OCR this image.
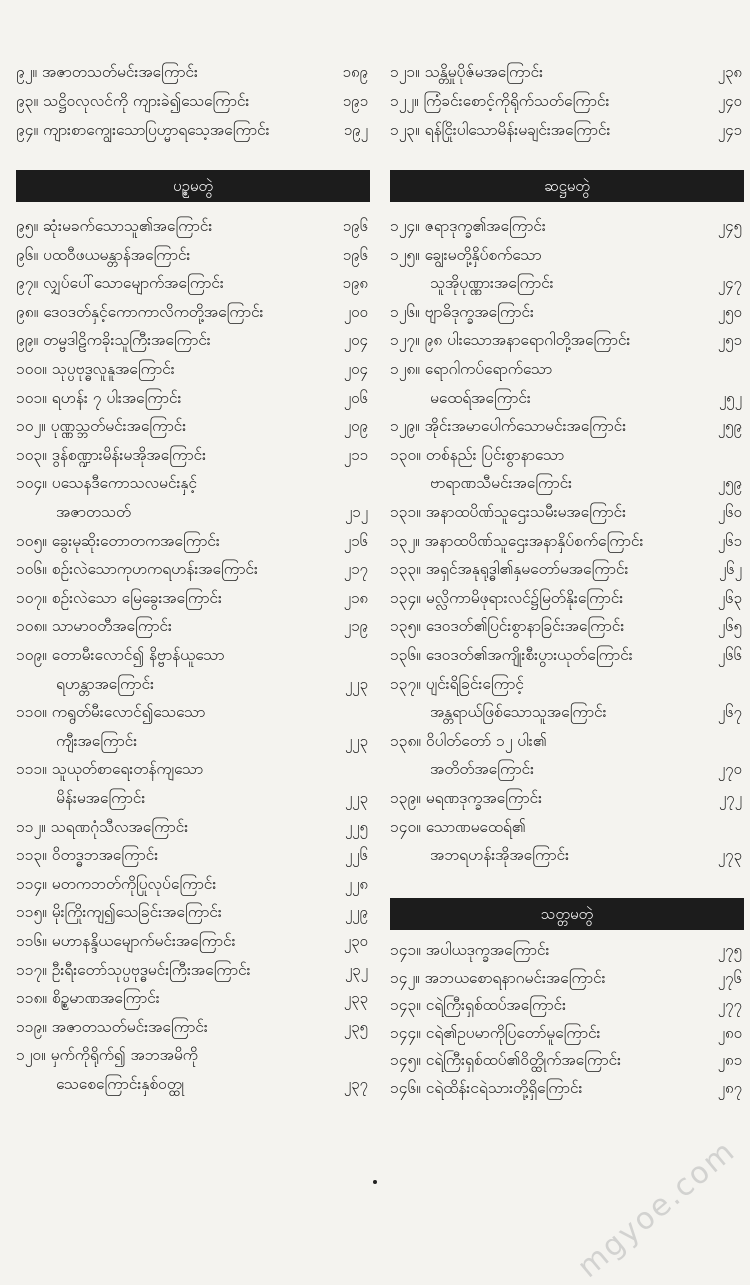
၉၂။ အဇာတသတ်မင်းအကြောင်း	၁၈၉
၉၃။ သဋ္ဌိဝလုလင်ကို ကျားခဲ၍သေကြောင်း	၁၉၁
၉၄။ ကျားစာကျွေးသောပြဟ္မာရသေ့အကြောင်း	၁၉၂
ပဥ္စမတွဲ
၉၅။ ဆုံးမခက်သောသူ၏အကြောင်း	၁၉၆
၉၆။ ပထဝီဖယမန္တာန်အကြောင်း	၁၉၆
၉၇။ လျှပ်ပေါ်သောမျောက်အကြောင်း	၁၉၈
၉၈။ ဒေဝဒတ်နှင့်ကောကာလိကတို့အကြောင်း	၂၀၀
၉၉။ တမ္ဗဒါဠိကခိုးသူကြီးအကြောင်း	၂၀၄
၁၀၀။ သုပ္ပဗုဒ္ဓလူနူအကြောင်း	၂၀၄
၁၀၁။ ရဟန်း ၇ ပါးအကြောင်း	၂၀၆
၁၀၂။ ပုဏ္ဏသ္ဘတ်မင်းအကြောင်း	၂၀၉
၁၀၃။ ဒွန်စဏ္ဍားမိန်းမအိုအကြောင်း	၂၁၁
၁၀၄။ ပသေနဒီကောသလမင်းနှင့်
အဇာတသတ်	၂၁၂
၁၀၅။ ခွေးမုဆိုးတောတကအကြောင်း	၂၁၆
၁၀၆။ စဉ်းလဲသောကုဟကရဟန်းအကြောင်း	၂၁၇
၁၀၇။ စဉ်းလဲသော မြေခွေးအကြောင်း	၂၁၈
၁၀၈။ သာမာဝတီအကြောင်း	၂၁၉
၁၀၉။ တောမီးလောင်၍ နိဗ္ဗာန်ယူသော
ရဟန္တာအကြောင်း	၂၂၃
၁၁၀။ ကရွတ်မီးလောင်၍သေသော
ကျီးအကြောင်း	၂၂၃
၁၁၁။ သူယုတ်စာရေးတန်ကျသော
မိန်းမအကြောင်း	၂၂၃
၁၁၂။ သရဏဂုံသီလအကြောင်း	၂၂၅
၁၁၃။ ဝိတဒ္ဓဘအကြောင်း	၂၂၆
၁၁၄။ မတကဘတ်ကိုပြုလုပ်ကြောင်း	၂၂၈
၁၁၅။ မိုးကြိုးကျ၍သေခြင်းအကြောင်း	၂၂၉
၁၁၆။ မဟာနန္ဒိယမျောက်မင်းအကြောင်း	၂၃၀
၁၁၇။ ဦးရီးတော်သုပ္ပဗုဒ္ဓမင်းကြီးအကြောင်း	၂၃၂
၁၁၈။ စိဥ္စမာဏအကြောင်း	၂၃၃
၁၁၉။ အဇာတသတ်မင်းအကြောင်း	၂၃၅
၁၂၀။ မှက်ကိုရိုက်၍ အဘအမိကို
သေစေကြောင်းနှစ်ဝတ္ထု	၂၃၇
၁၂၁။ သန္တိမှုပိုဇ်မအကြောင်း	၂၃၈
၁၂၂။ ကြံခင်းစောင့်ကိုရိုက်သတ်ကြောင်း	၂၄၀
၁၂၃။ ရန်ငြိုးပါသောမိန်းမချင်းအကြောင်း	၂၄၁
ဆဋ္ဌမတွဲ
၁၂၄။ ဇရာဒုက္ခ၏အကြောင်း	၂၄၅
၁၂၅။ ချွေးမတို့နှိပ်စက်သော
သူအိုပုဏ္ဏားအကြောင်း	၂၄၇
၁၂၆။ ဗျာဓိဒုက္ခအကြောင်း	၂၅၀
၁၂၇။ ၉၈ ပါးသောအနာရောဂါတို့အကြောင်း	၂၅၁
၁၂၈။ ရောဂါကပ်ရောက်သော
မထေရ်အကြောင်း	၂၅၂
၁၂၉။ အိုင်းအမာပေါက်သောမင်းအကြောင်း	၂၅၉
၁၃၀။ တစ်နည်း ပြင်းစွာနာသော
ဗာရာဏသီမင်းအကြောင်း	၂၅၉
၁၃၁။ အနာထပိဏ်သူဌေးသမီးမအကြောင်း	၂၆၀
၁၃၂။ အနာထပိဏ်သူဌေးအနာနှိပ်စက်ကြောင်း	၂၆၁
၁၃၃။ အရှင်အနုရုဒ္ဓါ၏နှမတော်မအကြောင်း	၂၆၂
၁၃၄။ မလ္လိကာမိဖုရားလင်၌မြတ်နိုးကြောင်း	၂၆၃
၁၃၅။ ဒေဝဒတ်၏ပြင်းစွာနာခြင်းအကြောင်း	၂၆၅
၁၃၆။ ဒေဝဒတ်၏အကျိုးစီးပွားယုတ်ကြောင်း	၂၆၆
၁၃၇။ ပျင်းရိခြင်းကြောင့်
အန္တရာယ်ဖြစ်သောသူအကြောင်း	၂၆၇
၁၃၈။ ဝိပါတ်တော် ၁၂ ပါး၏
အတိတ်အကြောင်း	၂၇၀
၁၃၉။ မရဏဒုက္ခအကြောင်း	၂၇၂
၁၄၀။ သောဏမထေရ်၏
အဘရဟန်းအိုအကြောင်း	၂၇၃
သတ္တမတွဲ
၁၄၁။ အပါယဒုက္ခအကြောင်း	၂၇၅
၁၄၂။ အဘယစောရနာဂမင်းအကြောင်း	၂၇၆
၁၄၃။ ငရဲကြီးရှစ်ထပ်အကြောင်း	၂၇၇
၁၄၄။ ငရဲ၏ဥပမာကိုပြတော်မူကြောင်း	၂၈၀
၁၄၅။ ငရဲကြီးရှစ်ထပ်၏ဝိတ္ထိုက်အကြောင်း	၂၈၁
၁၄၆။ ငရဲထိန်းငရဲသားတို့ရှိကြောင်း	၂၈၇
mgyoe.com
